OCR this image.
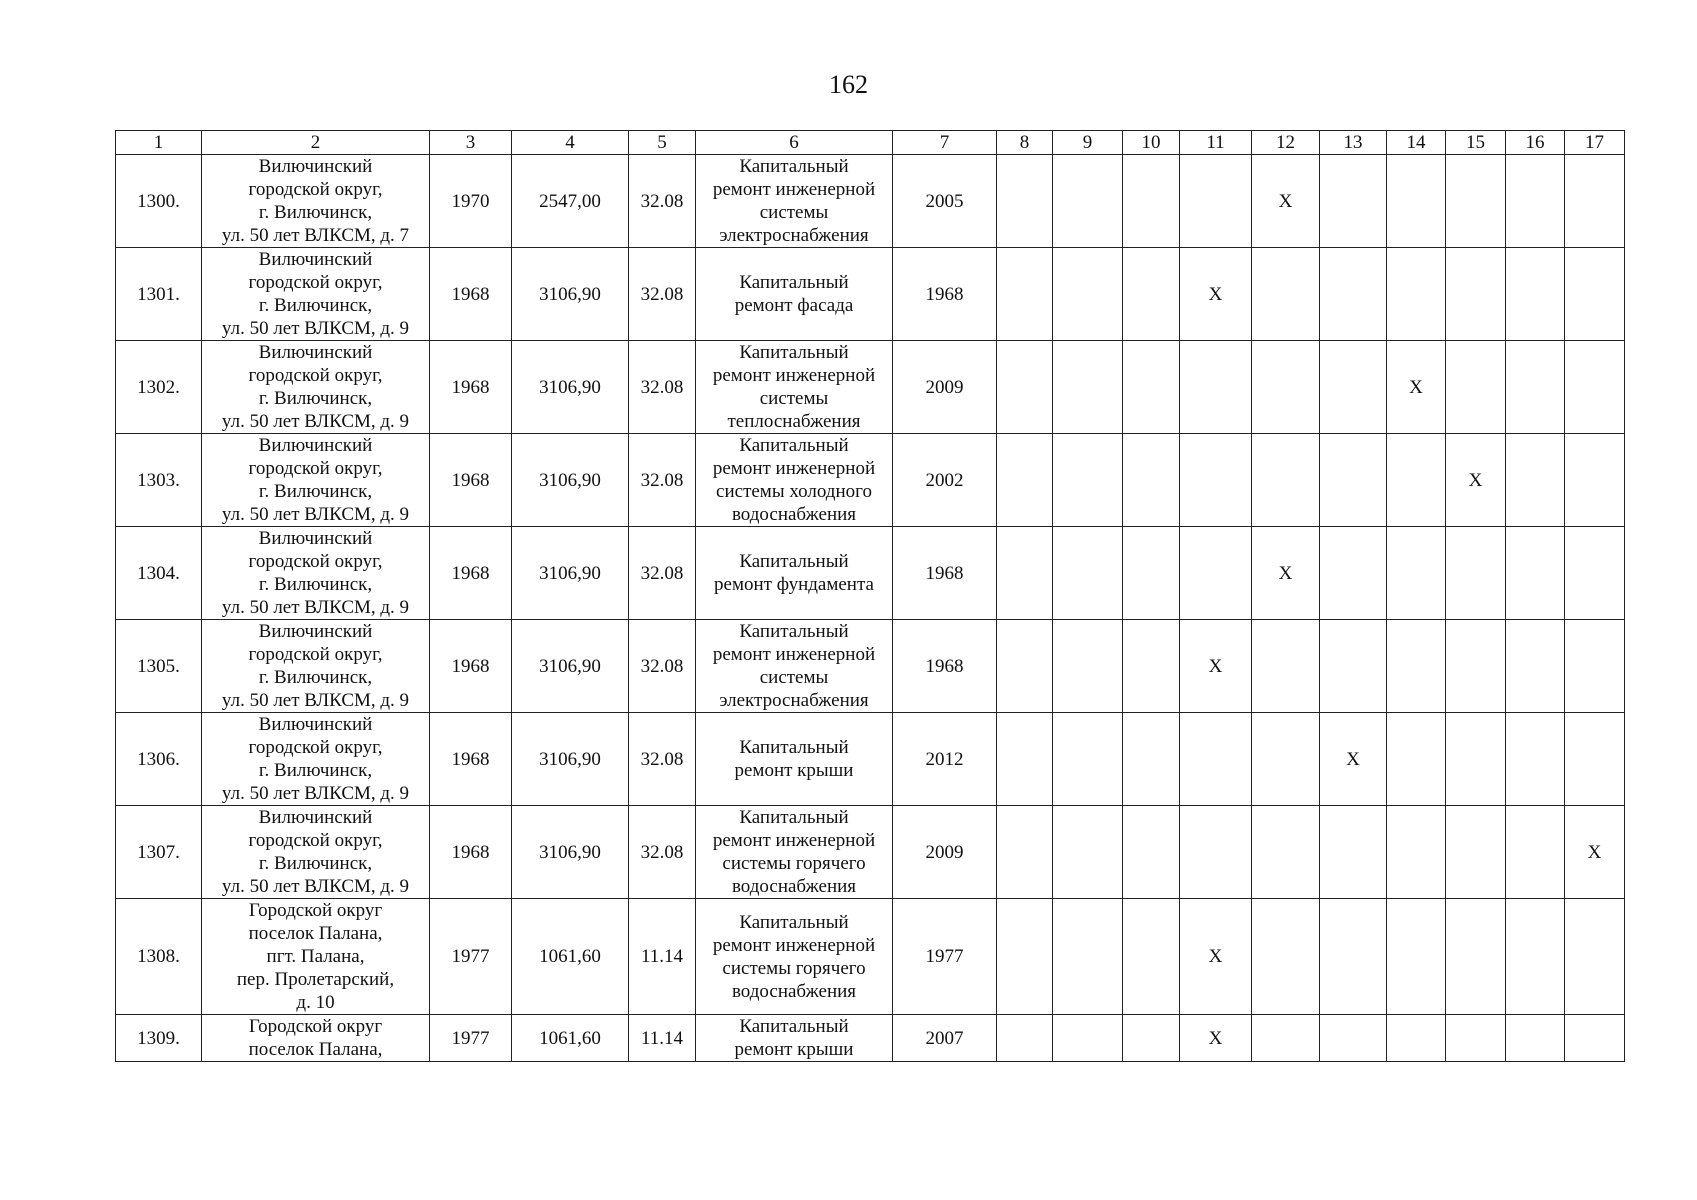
162
1	2	3	4	5	6	7	8	9	10	11	12	13	14	15	16	17
1300.	Вилючинский
городской округ,
г. Вилючинск,
ул. 50 лет ВЛКСМ, д. 7	1970	2547,00	32.08	Капитальный
ремонт инженерной
системы
электроснабжения	2005					X					
1301.	Вилючинский
городской округ,
г. Вилючинск,
ул. 50 лет ВЛКСМ, д. 9	1968	3106,90	32.08	Капитальный
ремонт фасада	1968				X						
1302.	Вилючинский
городской округ,
г. Вилючинск,
ул. 50 лет ВЛКСМ, д. 9	1968	3106,90	32.08	Капитальный
ремонт инженерной
системы
теплоснабжения	2009							X			
1303.	Вилючинский
городской округ,
г. Вилючинск,
ул. 50 лет ВЛКСМ, д. 9	1968	3106,90	32.08	Капитальный
ремонт инженерной
системы холодного
водоснабжения	2002								X		
1304.	Вилючинский
городской округ,
г. Вилючинск,
ул. 50 лет ВЛКСМ, д. 9	1968	3106,90	32.08	Капитальный
ремонт фундамента	1968					X					
1305.	Вилючинский
городской округ,
г. Вилючинск,
ул. 50 лет ВЛКСМ, д. 9	1968	3106,90	32.08	Капитальный
ремонт инженерной
системы
электроснабжения	1968				X						
1306.	Вилючинский
городской округ,
г. Вилючинск,
ул. 50 лет ВЛКСМ, д. 9	1968	3106,90	32.08	Капитальный
ремонт крыши	2012						X				
1307.	Вилючинский
городской округ,
г. Вилючинск,
ул. 50 лет ВЛКСМ, д. 9	1968	3106,90	32.08	Капитальный
ремонт инженерной
системы горячего
водоснабжения	2009										X
1308.	Городской округ
поселок Палана,
пгт. Палана,
пер. Пролетарский,
д. 10	1977	1061,60	11.14	Капитальный
ремонт инженерной
системы горячего
водоснабжения	1977				X						
1309.	Городской округ
поселок Палана,	1977	1061,60	11.14	Капитальный
ремонт крыши	2007				X						
